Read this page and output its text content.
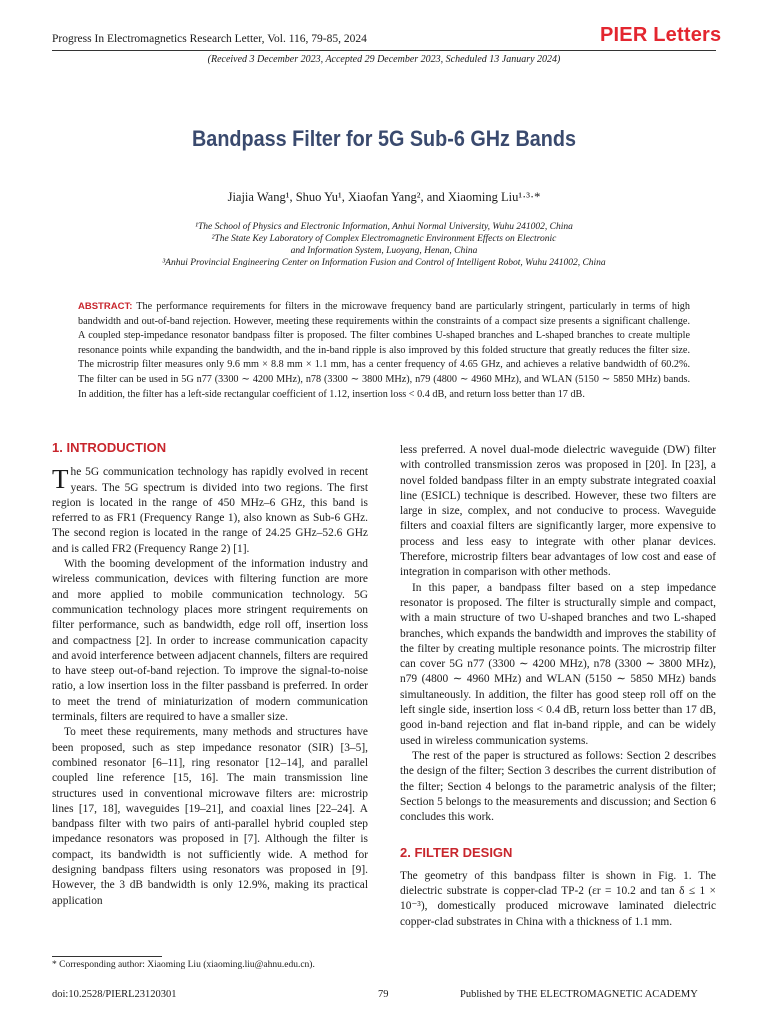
Progress In Electromagnetics Research Letter, Vol. 116, 79-85, 2024	PIER Letters
(Received 3 December 2023, Accepted 29 December 2023, Scheduled 13 January 2024)
Bandpass Filter for 5G Sub-6 GHz Bands
Jiajia Wang¹, Shuo Yu¹, Xiaofan Yang², and Xiaoming Liu¹·³·*
¹The School of Physics and Electronic Information, Anhui Normal University, Wuhu 241002, China
²The State Key Laboratory of Complex Electromagnetic Environment Effects on Electronic
and Information System, Luoyang, Henan, China
³Anhui Provincial Engineering Center on Information Fusion and Control of Intelligent Robot, Wuhu 241002, China
ABSTRACT: The performance requirements for filters in the microwave frequency band are particularly stringent, particularly in terms of high bandwidth and out-of-band rejection. However, meeting these requirements within the constraints of a compact size presents a significant challenge. A coupled step-impedance resonator bandpass filter is proposed. The filter combines U-shaped branches and L-shaped branches to create multiple resonance points while expanding the bandwidth, and the in-band ripple is also improved by this folded structure that greatly reduces the filter size. The microstrip filter measures only 9.6 mm × 8.8 mm × 1.1 mm, has a center frequency of 4.65 GHz, and achieves a relative bandwidth of 60.2%. The filter can be used in 5G n77 (3300 ∼ 4200 MHz), n78 (3300 ∼ 3800 MHz), n79 (4800 ∼ 4960 MHz), and WLAN (5150 ∼ 5850 MHz) bands. In addition, the filter has a left-side rectangular coefficient of 1.12, insertion loss < 0.4 dB, and return loss better than 17 dB.
1. INTRODUCTION

The 5G communication technology has rapidly evolved in recent years. The 5G spectrum is divided into two regions. The first region is located in the range of 450 MHz–6 GHz, this band is referred to as FR1 (Frequency Range 1), also known as Sub-6 GHz. The second region is located in the range of 24.25 GHz–52.6 GHz and is called FR2 (Frequency Range 2) [1].

With the booming development of the information industry and wireless communication, devices with filtering function are more and more applied to mobile communication technology. 5G communication technology places more stringent requirements on filter performance, such as bandwidth, edge roll off, insertion loss and compactness [2]. In order to increase communication capacity and avoid interference between adjacent channels, filters are required to have steep out-of-band rejection. To improve the signal-to-noise ratio, a low insertion loss in the filter passband is preferred. In order to meet the trend of miniaturization of modern communication terminals, filters are required to have a smaller size.

To meet these requirements, many methods and structures have been proposed, such as step impedance resonator (SIR) [3–5], combined resonator [6–11], ring resonator [12–14], and parallel coupled line reference [15, 16]. The main transmission line structures used in conventional microwave filters are: microstrip lines [17, 18], waveguides [19–21], and coaxial lines [22–24]. A bandpass filter with two pairs of anti-parallel hybrid coupled step impedance resonators was proposed in [7]. Although the filter is compact, its bandwidth is not sufficiently wide. A method for designing bandpass filters using resonators was proposed in [9]. However, the 3 dB bandwidth is only 12.9%, making its practical application

less preferred. A novel dual-mode dielectric waveguide (DW) filter with controlled transmission zeros was proposed in [20]. In [23], a novel folded bandpass filter in an empty substrate integrated coaxial line (ESICL) technique is described. However, these two filters are large in size, complex, and not conducive to process. Waveguide filters and coaxial filters are significantly larger, more expensive to process and less easy to integrate with other planar devices. Therefore, microstrip filters bear advantages of low cost and ease of integration in comparison with other methods.

In this paper, a bandpass filter based on a step impedance resonator is proposed. The filter is structurally simple and compact, with a main structure of two U-shaped branches and two L-shaped branches, which expands the bandwidth and improves the stability of the filter by creating multiple resonance points. The microstrip filter can cover 5G n77 (3300 ∼ 4200 MHz), n78 (3300 ∼ 3800 MHz), n79 (4800 ∼ 4960 MHz) and WLAN (5150 ∼ 5850 MHz) bands simultaneously. In addition, the filter has good steep roll off on the left single side, insertion loss < 0.4 dB, return loss better than 17 dB, good in-band rejection and flat in-band ripple, and can be widely used in wireless communication systems.

The rest of the paper is structured as follows: Section 2 describes the design of the filter; Section 3 describes the current distribution of the filter; Section 4 belongs to the parametric analysis of the filter; Section 5 belongs to the measurements and discussion; and Section 6 concludes this work.

2. FILTER DESIGN

The geometry of this bandpass filter is shown in Fig. 1. The dielectric substrate is copper-clad TP-2 (εr = 10.2 and tan δ ≤ 1 × 10⁻³), domestically produced microwave laminated dielectric copper-clad substrates in China with a thickness of 1.1 mm.

* Corresponding author: Xiaoming Liu (xiaoming.liu@ahnu.edu.cn).
doi:10.2528/PIERL23120301	79	Published by THE ELECTROMAGNETIC ACADEMY
